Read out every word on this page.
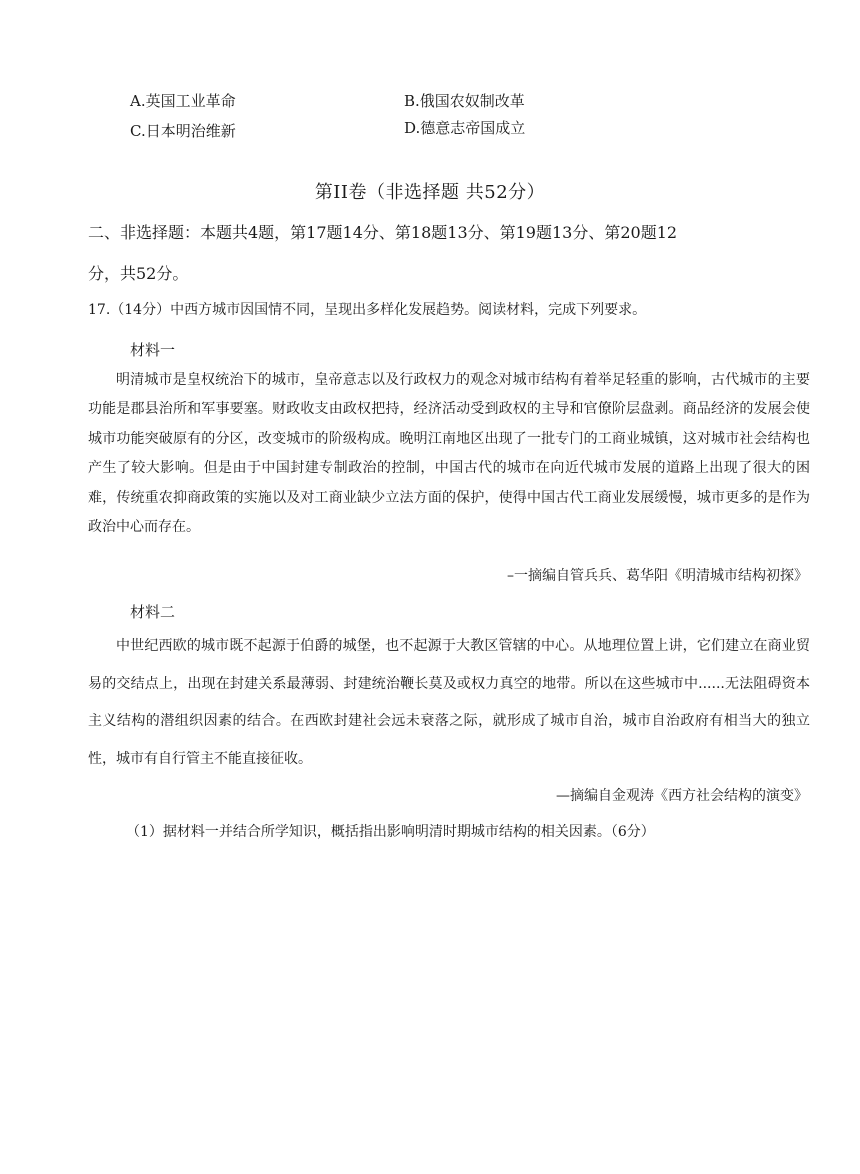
A.英国工业革命	B.俄国农奴制改革
C.日本明治维新	D.德意志帝国成立
第II卷（非选择题 共52分）
二、非选择题：本题共4题，第17题14分、第18题13分、第19题13分、第20题12
分，共52分。
17.（14分）中西方城市因国情不同，呈现出多样化发展趋势。阅读材料，完成下列要求。
材料一

明清城市是皇权统治下的城市，皇帝意志以及行政权力的观念对城市结构有着举足轻重的影响，古代城市的主要功能是郡县治所和军事要塞。财政收支由政权把持，经济活动受到政权的主导和官僚阶层盘剥。商品经济的发展会使城市功能突破原有的分区，改变城市的阶级构成。晚明江南地区出现了一批专门的工商业城镇，这对城市社会结构也产生了较大影响。但是由于中国封建专制政治的控制，中国古代的城市在向近代城市发展的道路上出现了很大的困难，传统重农抑商政策的实施以及对工商业缺少立法方面的保护，使得中国古代工商业发展缓慢，城市更多的是作为政治中心而存在。

–一摘编自管兵兵、葛华阳《明清城市结构初探》
材料二

中世纪西欧的城市既不起源于伯爵的城堡，也不起源于大教区管辖的中心。从地理位置上讲，它们建立在商业贸易的交结点上，出现在封建关系最薄弱、封建统治鞭长莫及或权力真空的地带。所以在这些城市中......无法阻碍资本主义结构的潜组织因素的结合。在西欧封建社会远未衰落之际，就形成了城市自治，城市自治政府有相当大的独立性，城市有自行管主不能直接征收。

—摘编自金观涛《西方社会结构的演变》
（1）据材料一并结合所学知识，概括指出影响明清时期城市结构的相关因素。（6分）
